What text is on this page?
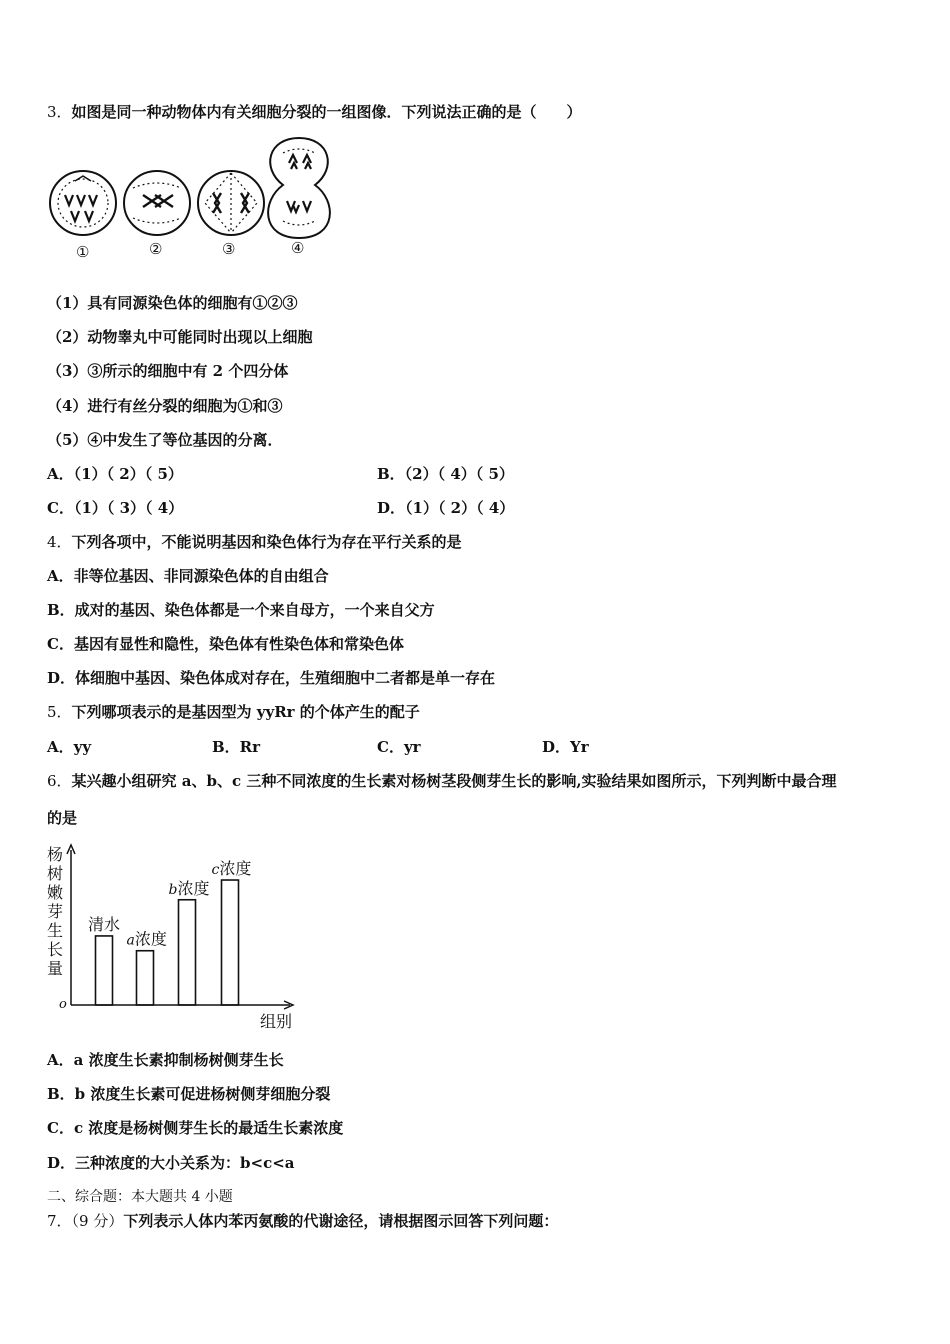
3．如图是同一种动物体内有关细胞分裂的一组图像．下列说法正确的是（　　）
①	②	③	④
（1）具有同源染色体的细胞有①②③
（2）动物睾丸中可能同时出现以上细胞
（3）③所示的细胞中有 2 个四分体
（4）进行有丝分裂的细胞为①和③
（5）④中发生了等位基因的分离．
A．（1）（ 2）（ 5）	B．（2）（ 4）（ 5）
C．（1）（ 3）（ 4）	D．（1）（ 2）（ 4）
4．下列各项中，不能说明基因和染色体行为存在平行关系的是
A．非等位基因、非同源染色体的自由组合
B．成对的基因、染色体都是一个来自母方，一个来自父方
C．基因有显性和隐性，染色体有性染色体和常染色体
D．体细胞中基因、染色体成对存在，生殖细胞中二者都是单一存在
5．下列哪项表示的是基因型为 yyRr 的个体产生的配子
A．yy	B．Rr	C．yr	D．Yr
6．某兴趣小组研究 a、b、c 三种不同浓度的生长素对杨树茎段侧芽生长的影响,实验结果如图所示，下列判断中最合理
的是
o
组别
杨
树
嫩
芽
生
长
量
清水
a浓度
b浓度
c浓度
A．a 浓度生长素抑制杨树侧芽生长
B．b 浓度生长素可促进杨树侧芽细胞分裂
C．c 浓度是杨树侧芽生长的最适生长素浓度
D．三种浓度的大小关系为：b<c<a
二、综合题：本大题共 4 小题
7．（9 分）下列表示人体内苯丙氨酸的代谢途径，请根据图示回答下列问题：
